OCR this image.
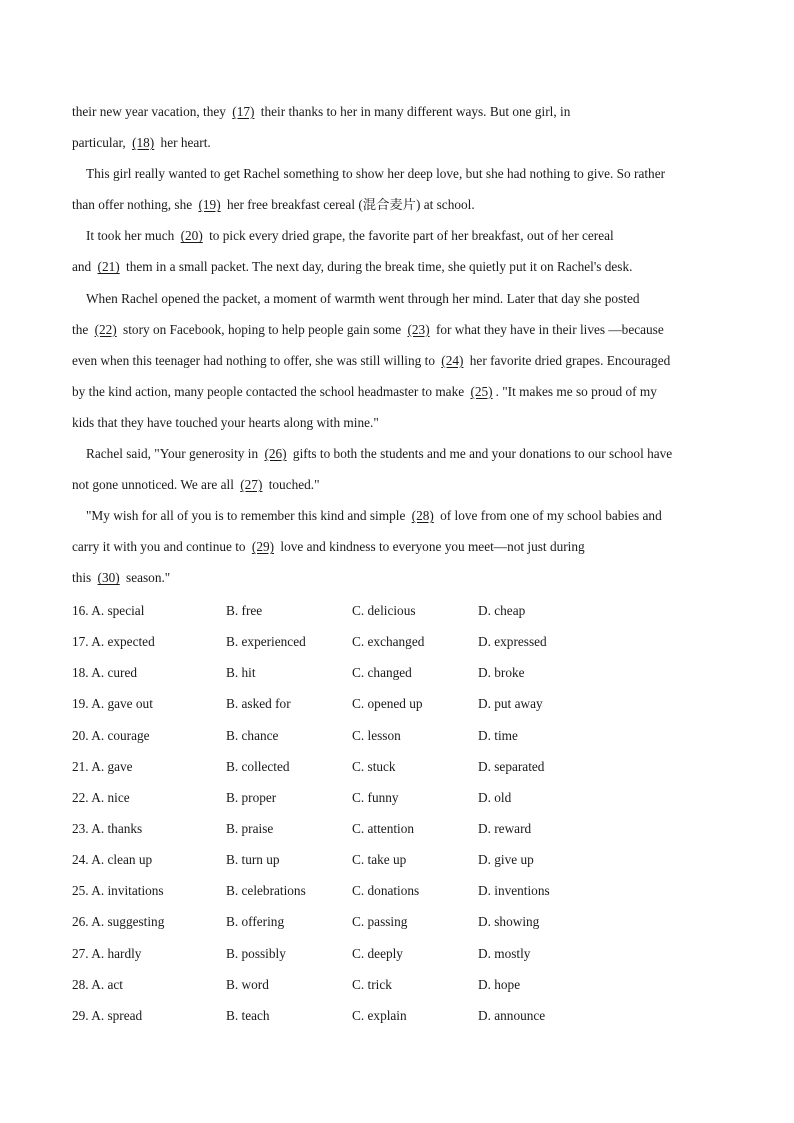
their new year vacation, they (17) their thanks to her in many different ways. But one girl, in
particular, (18) her heart.
This girl really wanted to get Rachel something to show her deep love, but she had nothing to give. So rather
than offer nothing, she (19) her free breakfast cereal (混合麦片) at school.
It took her much (20) to pick every dried grape, the favorite part of her breakfast, out of her cereal
and (21) them in a small packet. The next day, during the break time, she quietly put it on Rachel's desk.
When Rachel opened the packet, a moment of warmth went through her mind. Later that day she posted
the (22) story on Facebook, hoping to help people gain some (23) for what they have in their lives —because
even when this teenager had nothing to offer, she was still willing to (24) her favorite dried grapes. Encouraged
by the kind action, many people contacted the school headmaster to make (25) . "It makes me so proud of my
kids that they have touched your hearts along with mine."
Rachel said, "Your generosity in (26) gifts to both the students and me and your donations to our school have
not gone unnoticed. We are all (27) touched."
"My wish for all of you is to remember this kind and simple (28) of love from one of my school babies and
carry it with you and continue to (29) love and kindness to everyone you meet—not just during
this (30) season."
16. A. special	B. free	C. delicious	D. cheap
17. A. expected	B. experienced	C. exchanged	D. expressed
18. A. cured	B. hit	C. changed	D. broke
19. A. gave out	B. asked for	C. opened up	D. put away
20. A. courage	B. chance	C. lesson	D. time
21. A. gave	B. collected	C. stuck	D. separated
22. A. nice	B. proper	C. funny	D. old
23. A. thanks	B. praise	C. attention	D. reward
24. A. clean up	B. turn up	C. take up	D. give up
25. A. invitations	B. celebrations	C. donations	D. inventions
26. A. suggesting	B. offering	C. passing	D. showing
27. A. hardly	B. possibly	C. deeply	D. mostly
28. A. act	B. word	C. trick	D. hope
29. A. spread	B. teach	C. explain	D. announce
